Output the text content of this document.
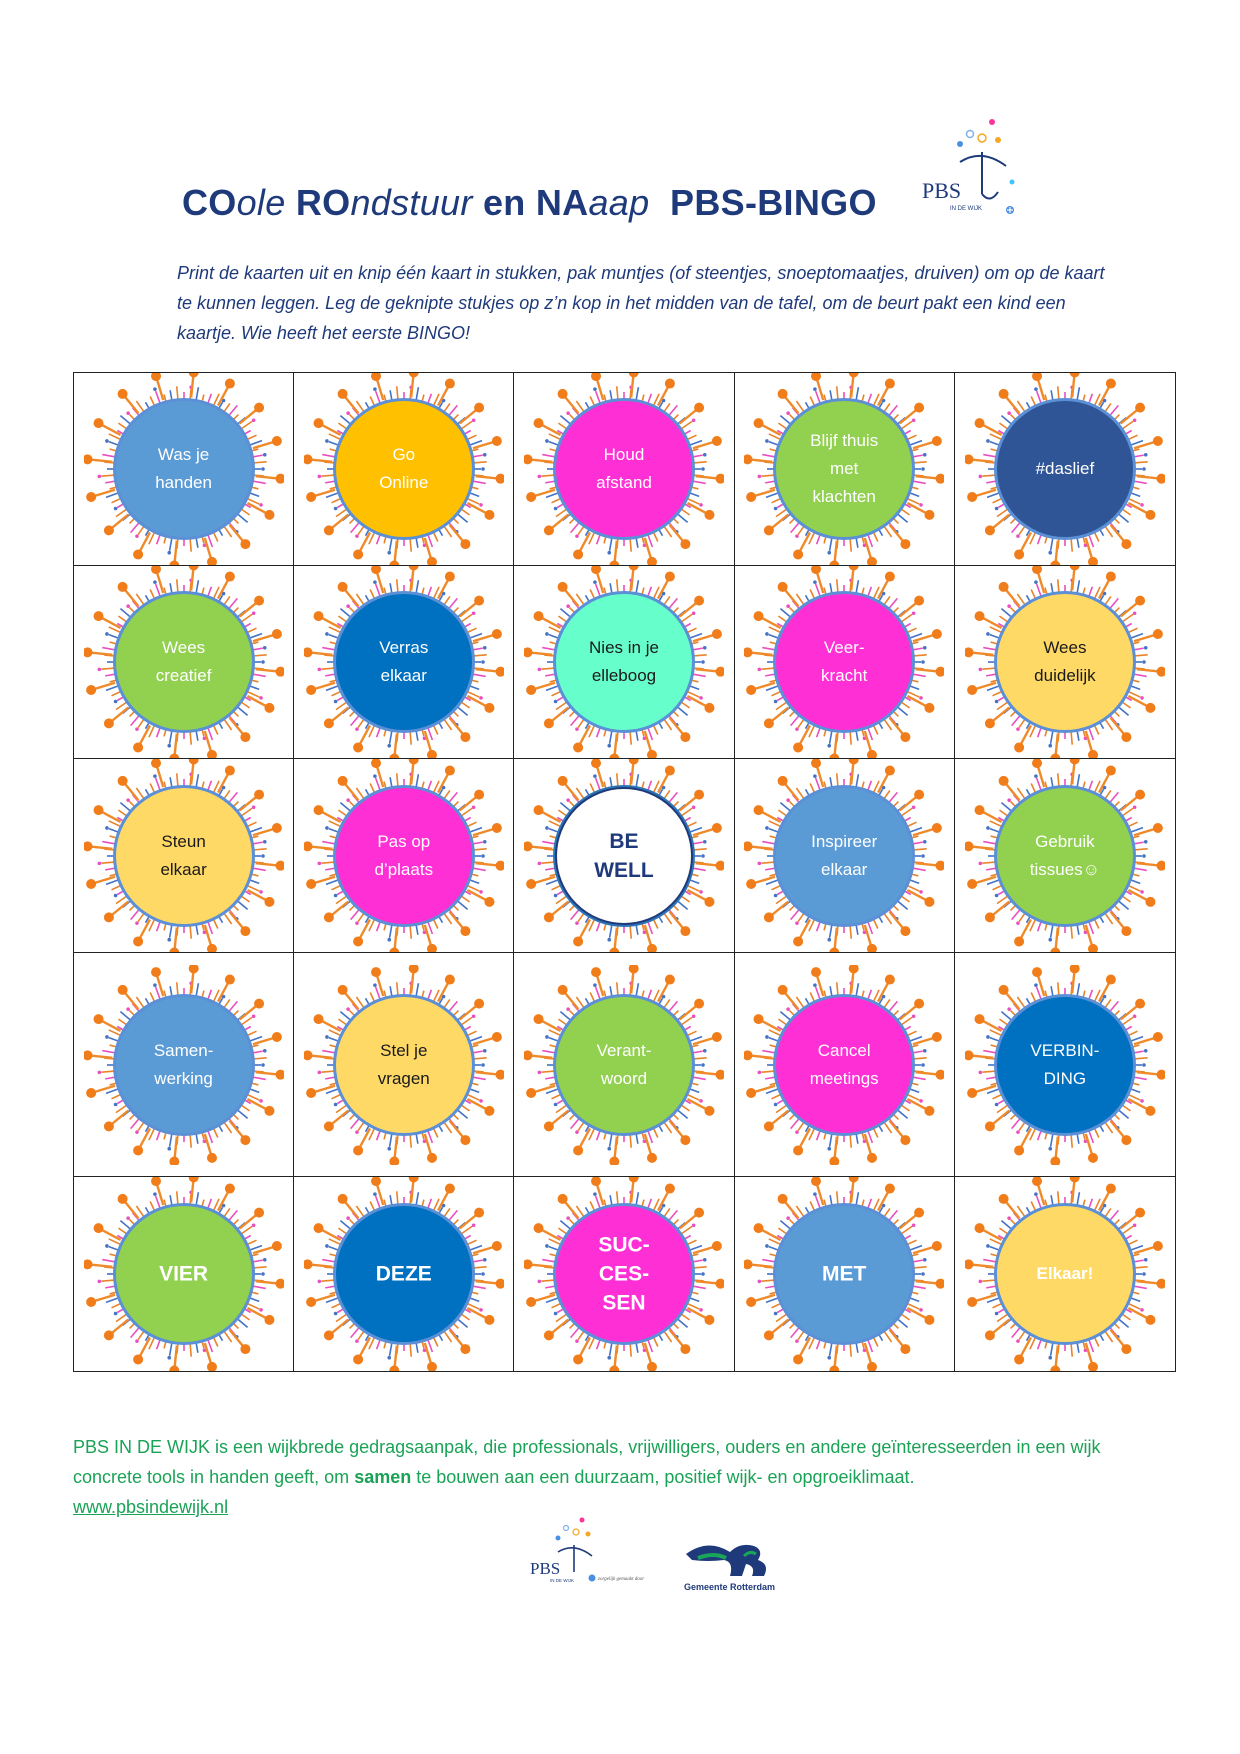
COole ROndstuur en NAaap  PBS-BINGO PBS
IN DE WIJK

Print de kaarten uit en knip één kaart in stukken, pak muntjes (of steentjes, snoeptomaatjes, druiven) om op de kaart te kunnen leggen. Leg de geknipte stukjes op z’n kop in het midden van de tafel, om de beurt pakt een kind een kaartje. Wie heeft het eerste BINGO!

Was je
handen
Go
Online
Houd
afstand
Blijf thuis
met
klachten
#daslief
Wees
creatief
Verras
elkaar
Nies in je
elleboog
Veer-
kracht
Wees
duidelijk
Steun
elkaar
Pas op
d’plaats
BE
WELL
Inspireer
elkaar
Gebruik
tissues☺
Samen-
werking
Stel je
vragen
Verant-
woord
Cancel
meetings
VERBIN-
DING
VIER	DEZE
SUC-
CES-
SEN
MET	Elkaar!

PBS IN DE WIJK is een wijkbrede gedragsaanpak, die professionals, vrijwilligers, ouders en andere geïnteresseerden in een wijk concrete tools in handen geeft, om samen te bouwen aan een duurzaam, positief wijk- en opgroeiklimaat.
www.pbsindewijk.nl

PBS
IN DE WIJK	zorgelijk gemaakt door
Gemeente Rotterdam
